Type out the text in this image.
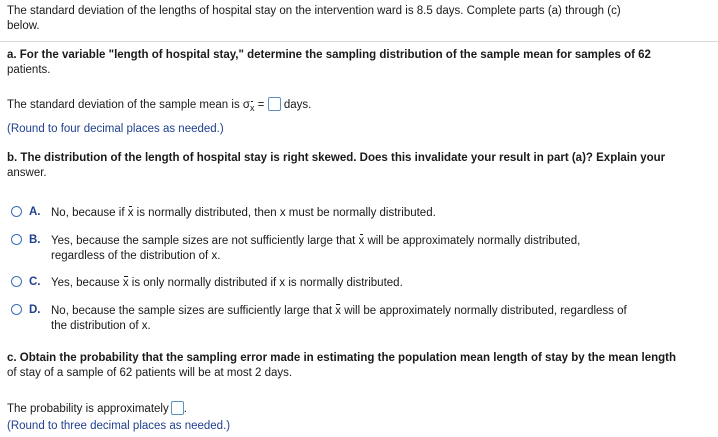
The standard deviation of the lengths of hospital stay on the intervention ward is 8.5 days. Complete parts (a) through (c)
below.
a. For the variable "length of hospital stay," determine the sampling distribution of the sample mean for samples of 62
patients.
The standard deviation of the sample mean is $\sigma_x$ = days.
(Round to four decimal places as needed.)
b. The distribution of the length of hospital stay is right skewed. Does this invalidate your result in part (a)? Explain your
answer.
A. No, because if x is normally distributed, then x must be normally distributed.
B. Yes, because the sample sizes are not sufficiently large that x will be approximately normally distributed,
regardless of the distribution of x.
C. Yes, because x is only normally distributed if x is normally distributed.
D. No, because the sample sizes are sufficiently large that x will be approximately normally distributed, regardless of
the distribution of x.
c. Obtain the probability that the sampling error made in estimating the population mean length of stay by the mean length
of stay of a sample of 62 patients will be at most 2 days.
The probability is approximately .
(Round to three decimal places as needed.)
